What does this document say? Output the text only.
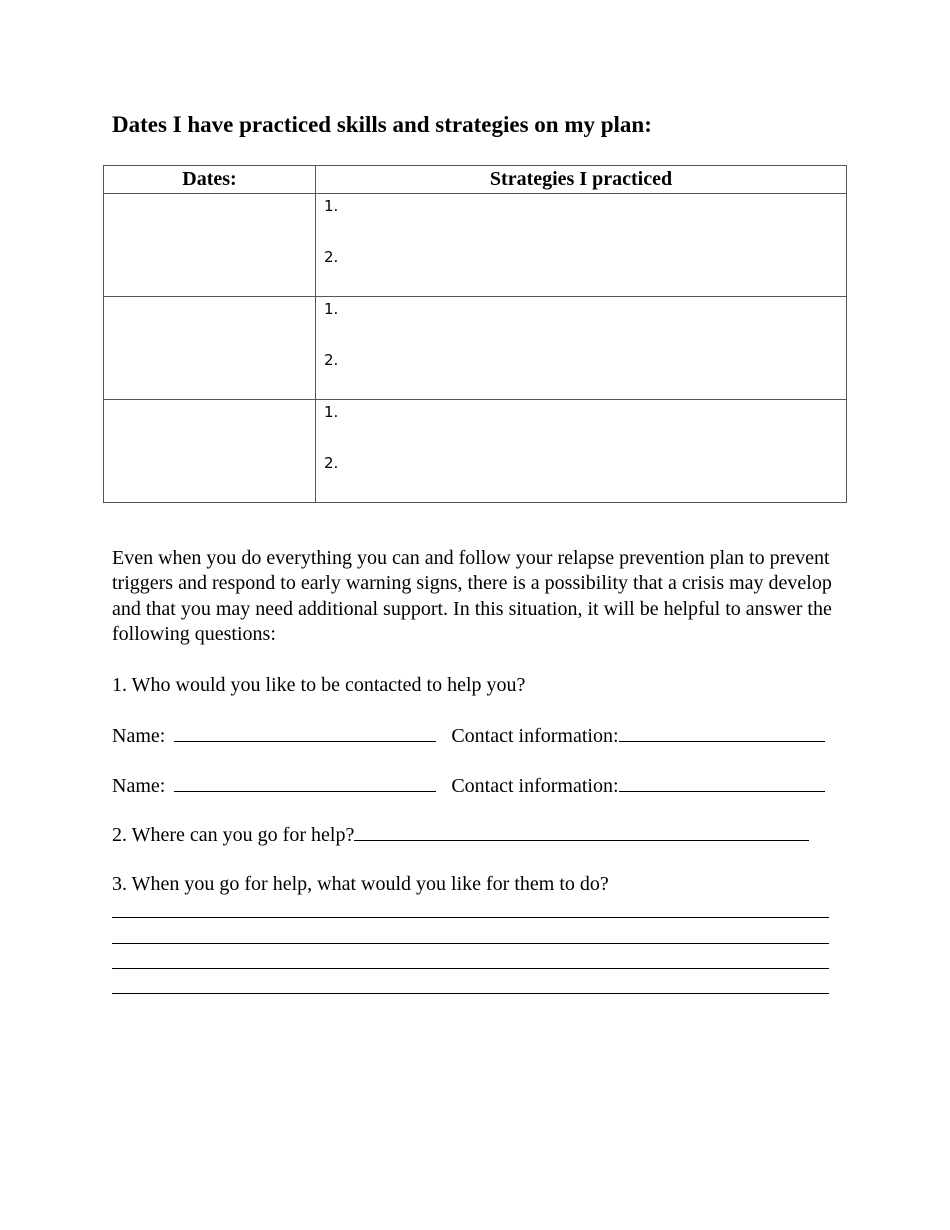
Dates I have practiced skills and strategies on my plan:
Dates:	Strategies I practiced

	1.
2.

	1.
2.

	1.
2.

Even when you do everything you can and follow your relapse prevention plan to prevent triggers and respond to early warning signs, there is a possibility that a crisis may develop and that you may need additional support. In this situation, it will be helpful to answer the following questions:

1. Who would you like to be contacted to help you?

Name:	Contact information:
Name:	Contact information:
2. Where can you go for help?

3. When you go for help, what would you like for them to do?
